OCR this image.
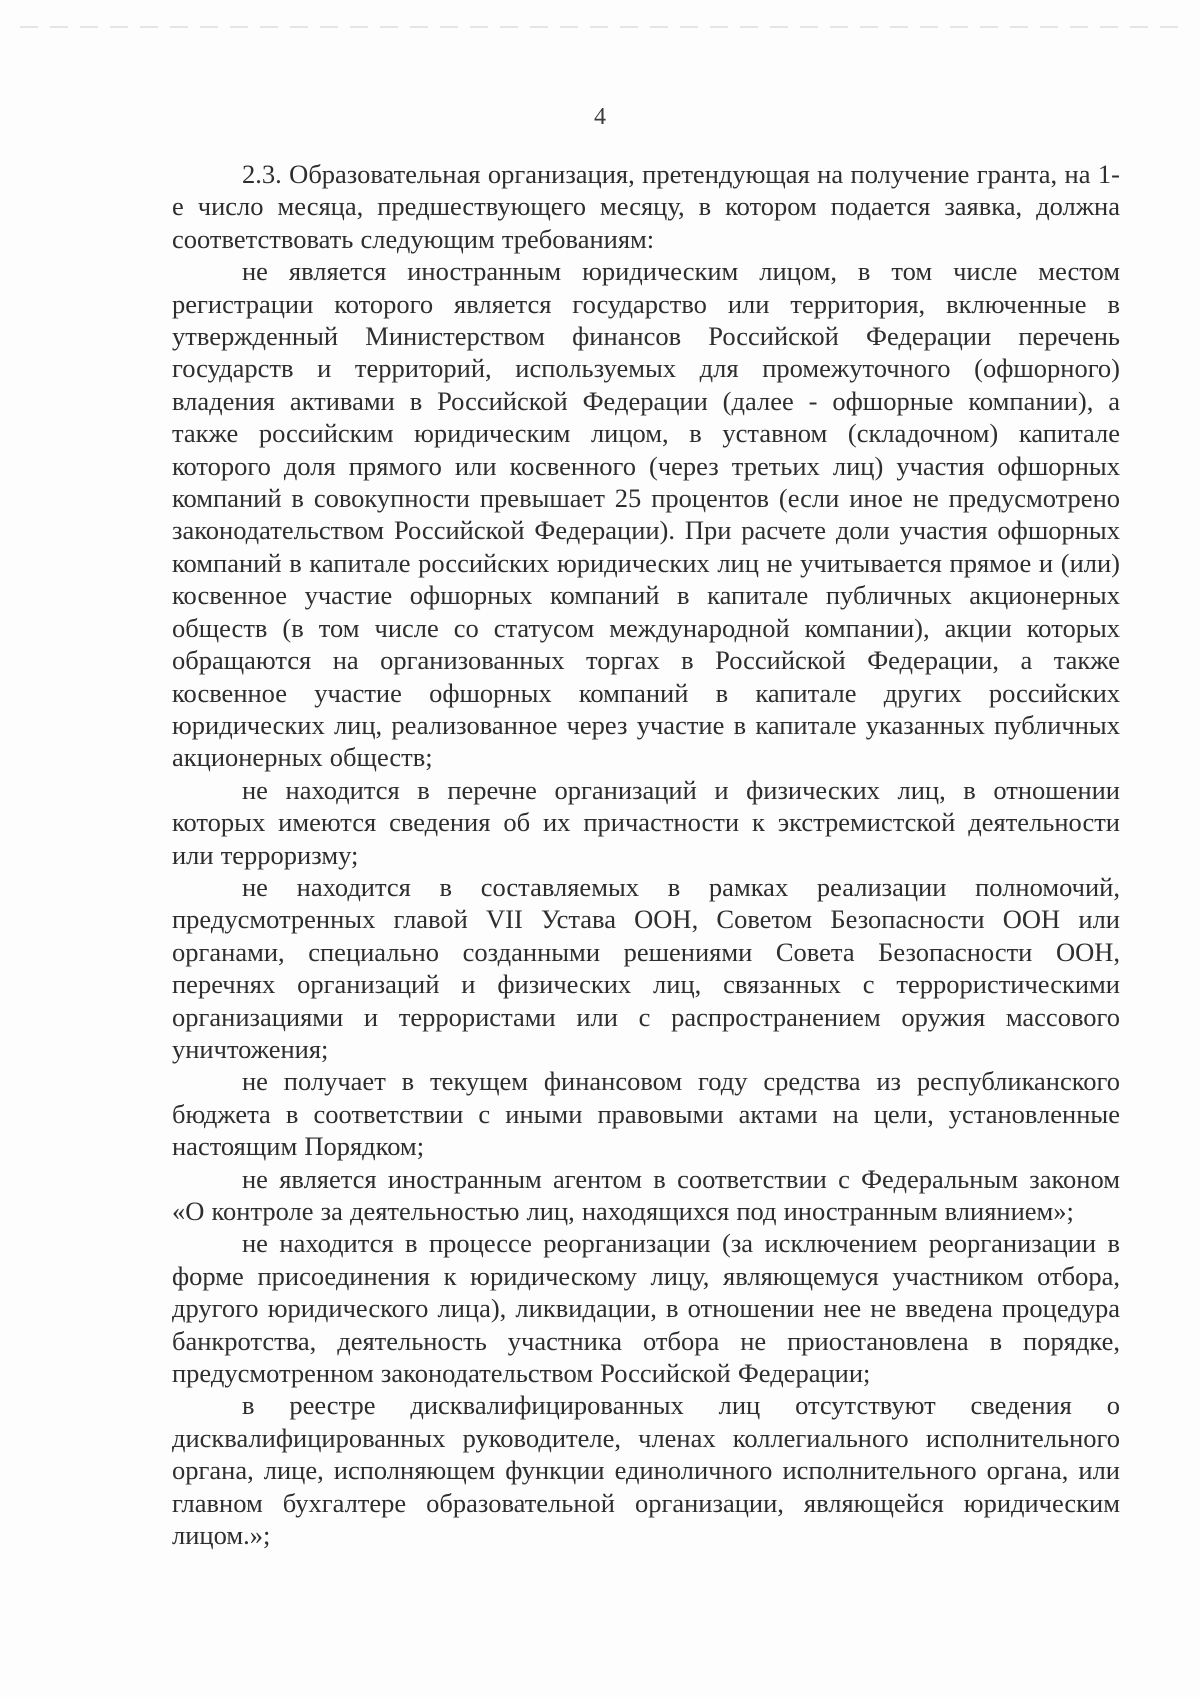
4

2.3. Образовательная организация, претендующая на получение гранта, на 1-е число месяца, предшествующего месяцу, в котором подается заявка, должна соответствовать следующим требованиям:

не является иностранным юридическим лицом, в том числе местом регистрации которого является государство или территория, включенные в утвержденный Министерством финансов Российской Федерации перечень государств и территорий, используемых для промежуточного (офшорного) владения активами в Российской Федерации (далее - офшорные компании), а также российским юридическим лицом, в уставном (складочном) капитале которого доля прямого или косвенного (через третьих лиц) участия офшорных компаний в совокупности превышает 25 процентов (если иное не предусмотрено законодательством Российской Федерации). При расчете доли участия офшорных компаний в капитале российских юридических лиц не учитывается прямое и (или) косвенное участие офшорных компаний в капитале публичных акционерных обществ (в том числе со статусом международной компании), акции которых обращаются на организованных торгах в Российской Федерации, а также косвенное участие офшорных компаний в капитале других российских юридических лиц, реализованное через участие в капитале указанных публичных акционерных обществ;

не находится в перечне организаций и физических лиц, в отношении которых имеются сведения об их причастности к экстремистской деятельности или терроризму;

не находится в составляемых в рамках реализации полномочий, предусмотренных главой VII Устава ООН, Советом Безопасности ООН или органами, специально созданными решениями Совета Безопасности ООН, перечнях организаций и физических лиц, связанных с террористическими организациями и террористами или с распространением оружия массового уничтожения;

не получает в текущем финансовом году средства из республиканского бюджета в соответствии с иными правовыми актами на цели, установленные настоящим Порядком;

не является иностранным агентом в соответствии с Федеральным законом «О контроле за деятельностью лиц, находящихся под иностранным влиянием»;

не находится в процессе реорганизации (за исключением реорганизации в форме присоединения к юридическому лицу, являющемуся участником отбора, другого юридического лица), ликвидации, в отношении нее не введена процедура банкротства, деятельность участника отбора не приостановлена в порядке, предусмотренном законодательством Российской Федерации;

в реестре дисквалифицированных лиц отсутствуют сведения о дисквалифицированных руководителе, членах коллегиального исполнительного органа, лице, исполняющем функции единоличного исполнительного органа, или главном бухгалтере образовательной организации, являющейся юридическим лицом.»;
